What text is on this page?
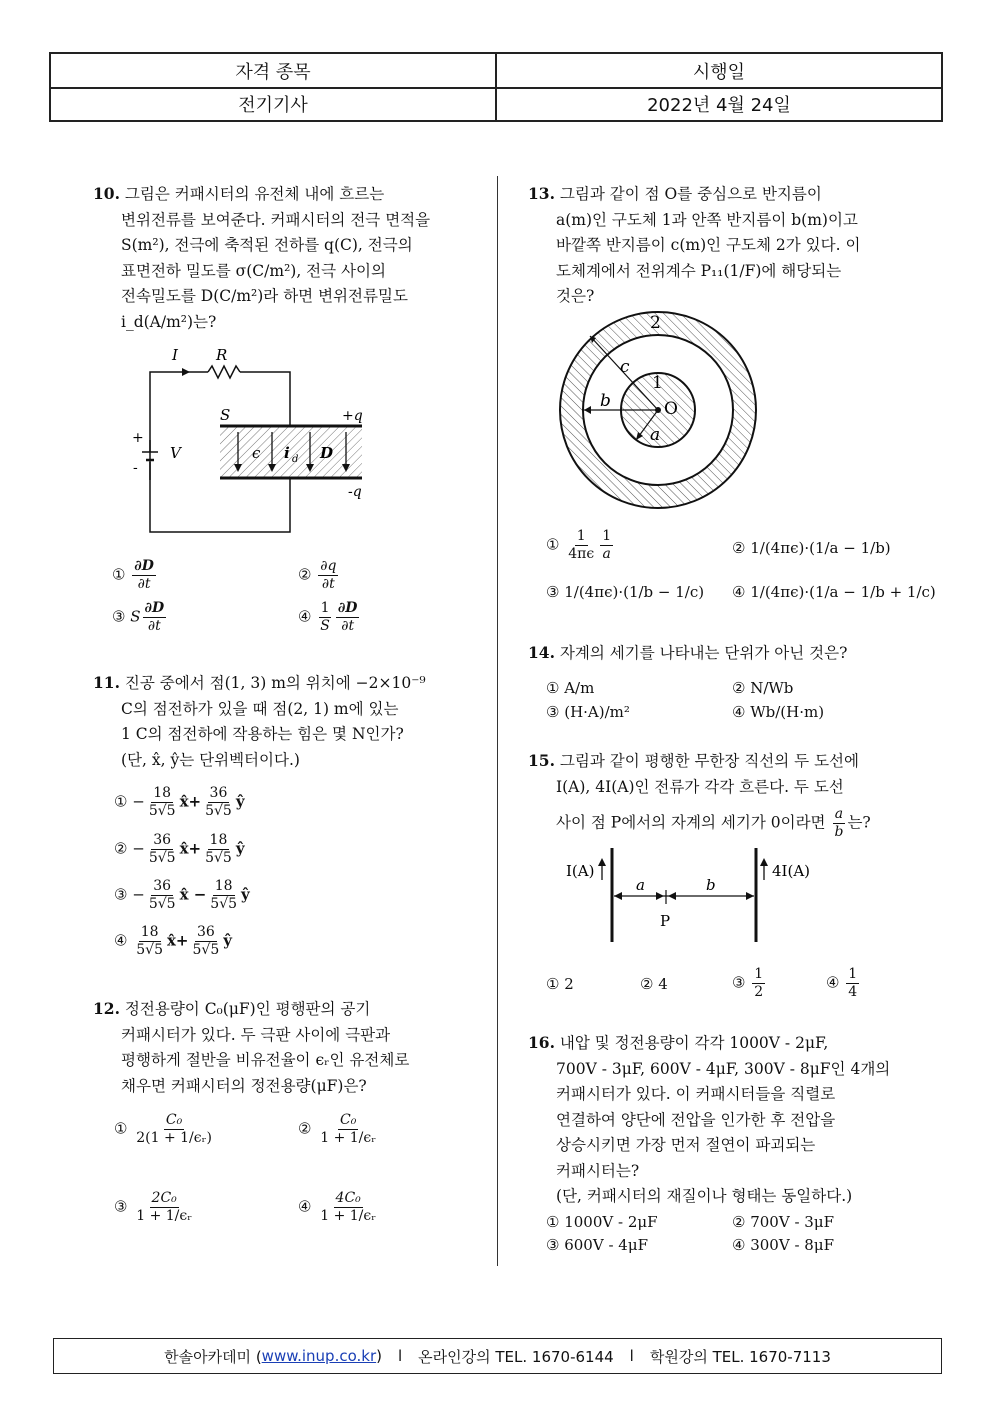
자격 종목	시행일
전기기사	2022년 4월 24일
10. 그림은 커패시터의 유전체 내에 흐르는
변위전류를 보여준다. 커패시터의 전극 면적을
S(m²), 전극에 축적된 전하를 q(C), 전극의
표면전하 밀도를 σ(C/m²), 전극 사이의
전속밀도를 D(C/m²)라 하면 변위전류밀도
i_d(A/m²)는?
I	R
S	+q
-q
ϵ i d D
+
-
V
① $\frac{\partial D}{\partial t}$	② $\frac{\partial q}{\partial t}$
③ S $\frac{\partial D}{\partial t}$	④ $\frac{1}{S} \frac{\partial D}{\partial t}$
11. 진공 중에서 점(1, 3) m의 위치에 −2×10⁻⁹
C의 점전하가 있을 때 점(2, 1) m에 있는
1 C의 점전하에 작용하는 힘은 몇 N인가?
(단, x̂, ŷ는 단위벡터이다.)
① − $\frac{18}{5√5}$ x̂+ $\frac{36}{5√5}$ ŷ
② − $\frac{36}{5√5}$ x̂+ $\frac{18}{5√5}$ ŷ
③ − $\frac{36}{5√5}$ x̂ − $\frac{18}{5√5}$ ŷ
④ $\frac{18}{5√5}$ x̂+ $\frac{36}{5√5}$ ŷ
12. 정전용량이 C₀(μF)인 평행판의 공기
커패시터가 있다. 두 극판 사이에 극판과
평행하게 절반을 비유전율이 ϵᵣ인 유전체로
채우면 커패시터의 정전용량(μF)은?
① $\frac{\text{C₀}}{\text{2(1 + 1/ϵᵣ)}}$	② $\frac{\text{C₀}}{\text{1 + 1/ϵᵣ}}$
③ $\frac{\text{2C₀}}{\text{1 + 1/ϵᵣ}}$	④ $\frac{\text{4C₀}}{\text{1 + 1/ϵᵣ}}$
13. 그림과 같이 점 O를 중심으로 반지름이
a(m)인 구도체 1과 안쪽 반지름이 b(m)이고
바깥쪽 반지름이 c(m)인 구도체 2가 있다. 이
도체계에서 전위계수 P₁₁(1/F)에 해당되는
것은?
2
1
O
c
b
a
① $\frac{1}{4\pi\epsilon} \frac{1}{a}$	② 1/(4πϵ)·(1/a − 1/b)
③ 1/(4πϵ)·(1/b − 1/c) ④ 1/(4πϵ)·(1/a − 1/b + 1/c)
14. 자계의 세기를 나타내는 단위가 아닌 것은?
① A/m	② N/Wb
③ (H·A)/m²	④ Wb/(H·m)
15. 그림과 같이 평행한 무한장 직선의 두 도선에
I(A), 4I(A)인 전류가 각각 흐른다. 두 도선
사이 점 P에서의 자계의 세기가 0이라면 $\frac{a}{b}$ 는?
I(A)	4I(A)
a	b
P
① 2	② 4	③ $\frac{1}{2}$	④ $\frac{1}{4}$
16. 내압 및 정전용량이 각각 1000V - 2μF,
700V - 3μF, 600V - 4μF, 300V - 8μF인 4개의
커패시터가 있다. 이 커패시터들을 직렬로
연결하여 양단에 전압을 인가한 후 전압을
상승시키면 가장 먼저 절연이 파괴되는
커패시터는?
(단, 커패시터의 재질이나 형태는 동일하다.)
① 1000V - 2μF	② 700V - 3μF
③ 600V - 4μF	④ 300V - 8μF
한솔아카데미 ( www.inup.co.kr ) l 온라인강의 TEL. 1670-6144 l 학원강의 TEL. 1670-7113
